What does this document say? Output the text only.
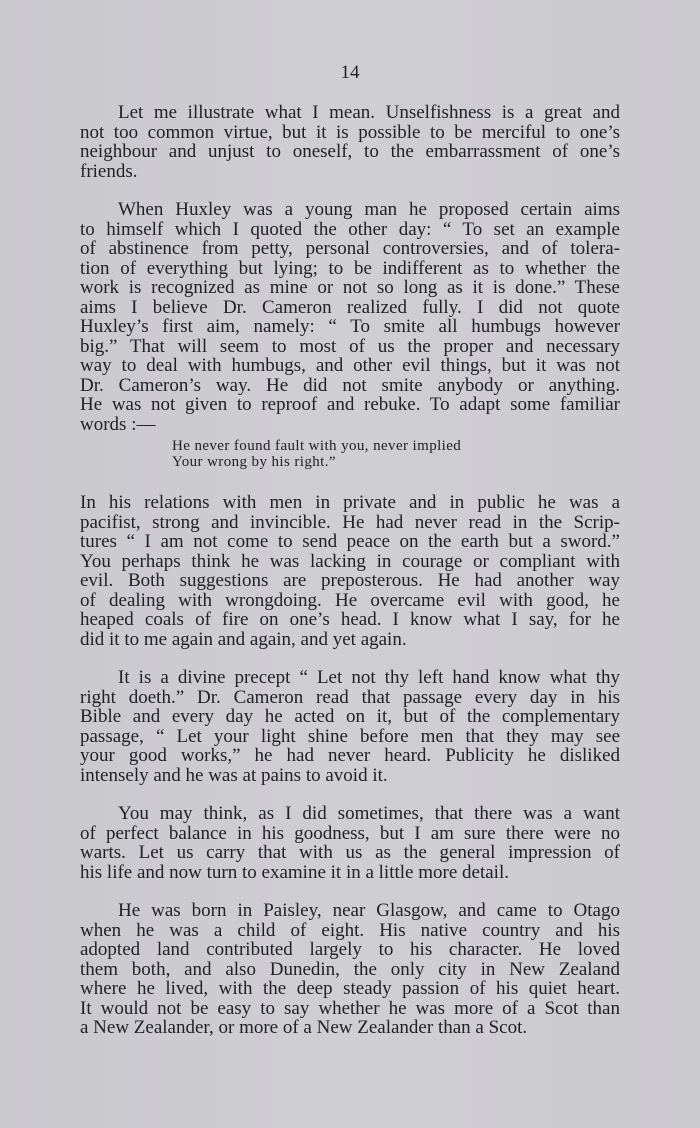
14

Let me illustrate what I mean. Unselfishness is a great and
not too common virtue, but it is possible to be merciful to one’s
neighbour and unjust to oneself, to the embarrassment of one’s
friends.

When Huxley was a young man he proposed certain aims
to himself which I quoted the other day: “ To set an example
of abstinence from petty, personal controversies, and of tolera-
tion of everything but lying; to be indifferent as to whether the
work is recognized as mine or not so long as it is done.” These
aims I believe Dr. Cameron realized fully. I did not quote
Huxley’s first aim, namely: “ To smite all humbugs however
big.” That will seem to most of us the proper and necessary
way to deal with humbugs, and other evil things, but it was not
Dr. Cameron’s way. He did not smite anybody or anything.
He was not given to reproof and rebuke. To adapt some familiar
words :—

He never found fault with you, never implied
Your wrong by his right.”

In his relations with men in private and in public he was a
pacifist, strong and invincible. He had never read in the Scrip-
tures “ I am not come to send peace on the earth but a sword.”
You perhaps think he was lacking in courage or compliant with
evil. Both suggestions are preposterous. He had another way
of dealing with wrongdoing. He overcame evil with good, he
heaped coals of fire on one’s head. I know what I say, for he
did it to me again and again, and yet again.

It is a divine precept “ Let not thy left hand know what thy
right doeth.” Dr. Cameron read that passage every day in his
Bible and every day he acted on it, but of the complementary
passage, “ Let your light shine before men that they may see
your good works,” he had never heard. Publicity he disliked
intensely and he was at pains to avoid it.

You may think, as I did sometimes, that there was a want
of perfect balance in his goodness, but I am sure there were no
warts. Let us carry that with us as the general impression of
his life and now turn to examine it in a little more detail.

He was born in Paisley, near Glasgow, and came to Otago
when he was a child of eight. His native country and his
adopted land contributed largely to his character. He loved
them both, and also Dunedin, the only city in New Zealand
where he lived, with the deep steady passion of his quiet heart.
It would not be easy to say whether he was more of a Scot than
a New Zealander, or more of a New Zealander than a Scot.
